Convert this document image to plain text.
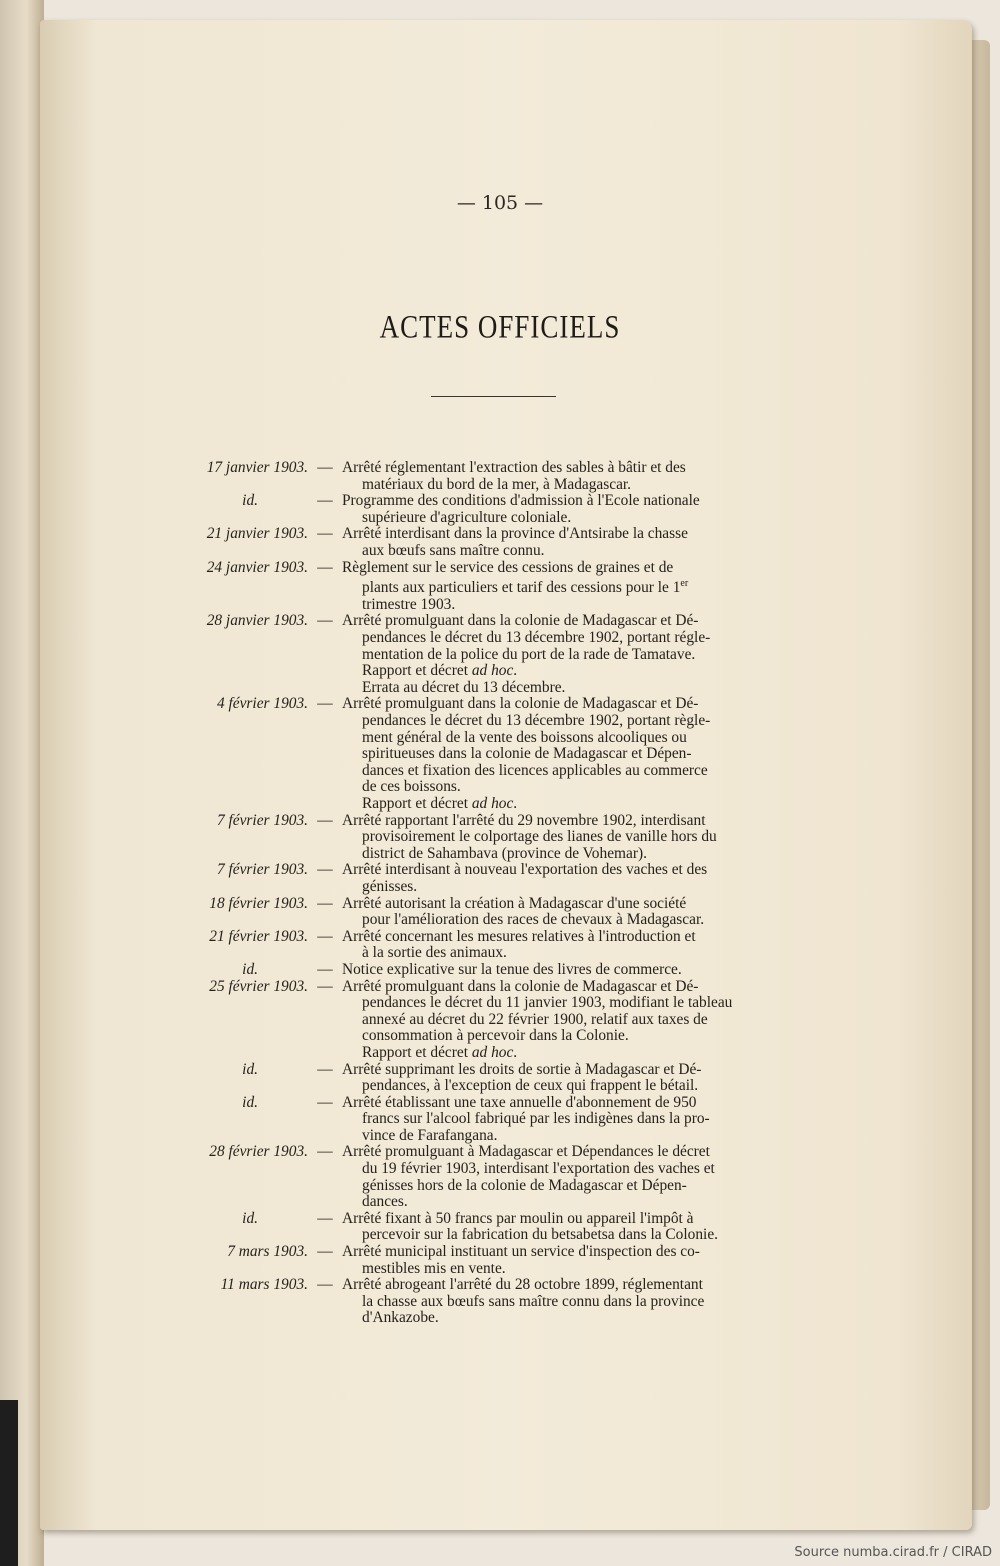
— 105 —
ACTES OFFICIELS
17 janvier 1903. — Arrêté réglementant l'extraction des sables à bâtir et des
matériaux du bord de la mer, à Madagascar.
id.	— Programme des conditions d'admission à l'Ecole nationale
supérieure d'agriculture coloniale.
21 janvier 1903. — Arrêté interdisant dans la province d'Antsirabe la chasse
aux bœufs sans maître connu.
24 janvier 1903. — Règlement sur le service des cessions de graines et de
plants aux particuliers et tarif des cessions pour le 1er
trimestre 1903.
28 janvier 1903. — Arrêté promulguant dans la colonie de Madagascar et Dé-
pendances le décret du 13 décembre 1902, portant régle-
mentation de la police du port de la rade de Tamatave.
Rapport et décret ad hoc.
Errata au décret du 13 décembre.
4 février 1903. — Arrêté promulguant dans la colonie de Madagascar et Dé-
pendances le décret du 13 décembre 1902, portant règle-
ment général de la vente des boissons alcooliques ou
spiritueuses dans la colonie de Madagascar et Dépen-
dances et fixation des licences applicables au commerce
de ces boissons.
Rapport et décret ad hoc.
7 février 1903. — Arrêté rapportant l'arrêté du 29 novembre 1902, interdisant
provisoirement le colportage des lianes de vanille hors du
district de Sahambava (province de Vohemar).
7 février 1903. — Arrêté interdisant à nouveau l'exportation des vaches et des
génisses.
18 février 1903. — Arrêté autorisant la création à Madagascar d'une société
pour l'amélioration des races de chevaux à Madagascar.
21 février 1903. — Arrêté concernant les mesures relatives à l'introduction et
à la sortie des animaux.
id.	— Notice explicative sur la tenue des livres de commerce.
25 février 1903. — Arrêté promulguant dans la colonie de Madagascar et Dé-
pendances le décret du 11 janvier 1903, modifiant le tableau
annexé au décret du 22 février 1900, relatif aux taxes de
consommation à percevoir dans la Colonie.
Rapport et décret ad hoc.
id.	— Arrêté supprimant les droits de sortie à Madagascar et Dé-
pendances, à l'exception de ceux qui frappent le bétail.
id.	— Arrêté établissant une taxe annuelle d'abonnement de 950
francs sur l'alcool fabriqué par les indigènes dans la pro-
vince de Farafangana.
28 février 1903. — Arrêté promulguant à Madagascar et Dépendances le décret
du 19 février 1903, interdisant l'exportation des vaches et
génisses hors de la colonie de Madagascar et Dépen-
dances.
id.	— Arrêté fixant à 50 francs par moulin ou appareil l'impôt à
percevoir sur la fabrication du betsabetsa dans la Colonie.
7 mars 1903. — Arrêté municipal instituant un service d'inspection des co-
mestibles mis en vente.
11 mars 1903. — Arrêté abrogeant l'arrêté du 28 octobre 1899, réglementant
la chasse aux bœufs sans maître connu dans la province
d'Ankazobe.
Source numba.cirad.fr / CIRAD
